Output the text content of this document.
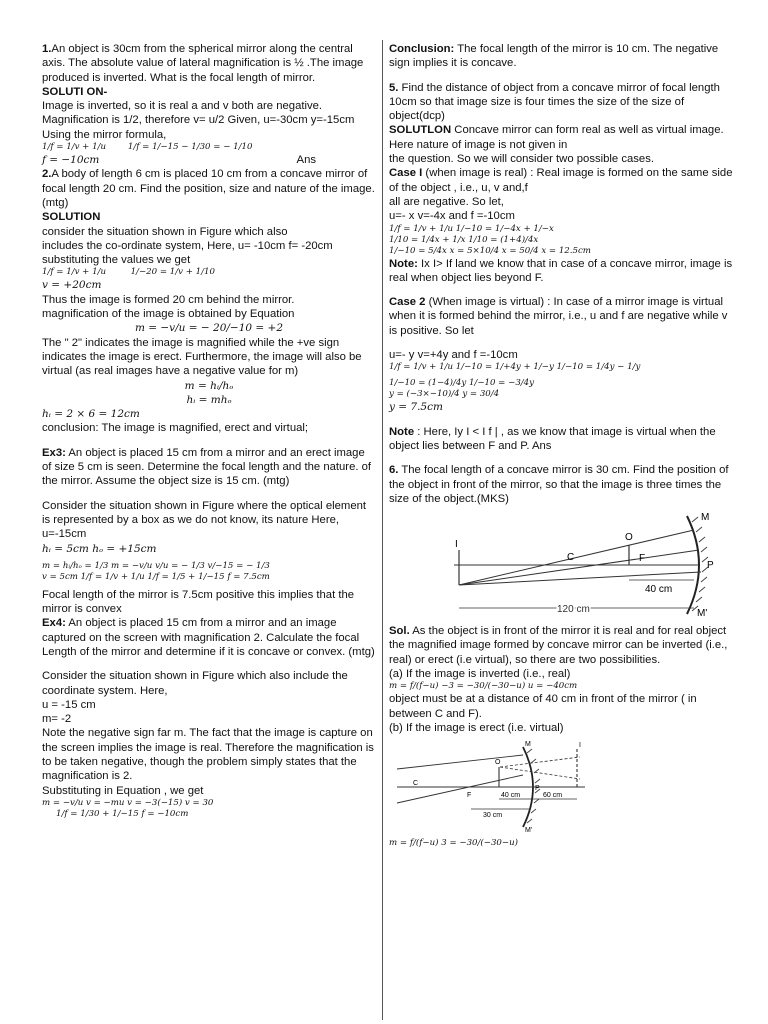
1.An object is 30cm from the spherical mirror along the central axis. The absolute value of lateral magnification is ½ .The image produced is inverted. What is the focal length of mirror.

SOLUTI ON-

Image is inverted, so it is real a and v both are negative.

Magnification is 1/2, therefore v= u/2 Given, u=-30cm y=-15cm

Using the mirror formula,

1/f = 1/v + 1/u	1/f = 1/−15 − 1/30 = − 1/10

f = −10cm	Ans

2.A body of length 6 cm is placed 10 cm from a concave mirror of focal length 20 cm. Find the position, size and nature of the image. (mtg)

SOLUTION

consider the situation shown in Figure which also

includes the co-ordinate system, Here, u= -10cm f= -20cm

substituting the values we get

1/f = 1/v + 1/u	1/−20 = 1/v + 1/10

v = +20cm

Thus the image is formed 20 cm behind the mirror.

magnification of the image is obtained by Equation

m = −v/u = − 20/−10 = +2

The " 2" indicates the image is magnified while the +ve sign indicates the image is erect. Furthermore, the image will also be virtual (as real images have a negative value for m)

m = hᵢ/hₒ

hᵢ = mhₒ

hᵢ = 2 × 6 = 12cm

conclusion: The image is magnified, erect and virtual;

Ex3: An object is placed 15 cm from a mirror and an erect image of size 5 cm is seen. Determine the focal length and the nature. of the mirror. Assume the object size is 15 cm. (mtg)

Consider the situation shown in Figure where the optical element is represented by a box as we do not know, its nature Here, u=-15cm

hᵢ = 5cm hₒ = +15cm

m = hᵢ/hₒ = 1/3 m = −v/u v/u = − 1/3 v/−15 = − 1/3

v = 5cm 1/f = 1/v + 1/u 1/f = 1/5 + 1/−15 f = 7.5cm

Focal length of the mirror is 7.5cm positive this implies that the mirror is convex

Ex4: An object is placed 15 cm from a mirror and an image captured on the screen with magnification 2. Calculate the focal Length of the mirror and determine if it is concave or convex. (mtg)

Consider the situation shown in Figure which also include the coordinate system. Here,

u = -15 cm

m= -2

Note the negative sign far m. The fact that the image is capture on the screen implies the image is real. Therefore the magnification is to be taken negative, though the problem simply states that the magnification is 2.

Substituting in Equation , we get

m = −v/u v = −mu v = −3(−15) v = 30

1/f = 1/30 + 1/−15 f = −10cm

Conclusion: The focal length of the mirror is 10 cm. The negative sign implies it is concave.

5. Find the distance of object from a concave mirror of focal length 10cm so that image size is four times the size of the size of object(dcp)

SOLUTLON Concave mirror can form real as well as virtual image. Here nature of image is not given in

the question. So we will consider two possible cases.

Case I (when image is real) : Real image is formed on the same side of the object , i.e., u, v and,f

all are negative. So let,

u=- x v=-4x and f =-10cm

1/f = 1/v + 1/u 1/−10 = 1/−4x + 1/−x

1/10 = 1/4x + 1/x 1/10 = (1+4)/4x

1/−10 = 5/4x x = 5×10/4 x = 50/4 x = 12.5cm

Note: Ix I> If land we know that in case of a concave mirror, image is real when object lies beyond F.

Case 2 (When image is virtual) : In case of a mirror image is virtual when it is formed behind the mirror, i.e., u and f are negative while v is positive. So let

u=- y v=+4y and f =-10cm

1/f = 1/v + 1/u 1/−10 = 1/+4y + 1/−y 1/−10 = 1/4y − 1/y

1/−10 = (1−4)/4y 1/−10 = −3/4y

y = (−3×−10)/4 y = 30/4

y = 7.5cm

Note : Here, Iy I < I f | , as we know that image is virtual when the object lies between F and P. Ans

6. The focal length of a concave mirror is 30 cm. Find the position of the object in front of the mirror, so that the image is three times the size of the object.(MKS)

M
O
I
C	F
P
M'
40 cm
120 cm

Sol. As the object is in front of the mirror it is real and for real object the magnified image formed by concave mirror can be inverted (i.e., real) or erect (i.e virtual), so there are two possibilities.

(a) If the image is inverted (i.e., real)

m = f/(f−u) −3 = −30/(−30−u) u = −40cm

object must be at a distance of 40 cm in front of the mirror ( in between C and F).

(b) If the image is erect (i.e. virtual)

M
O
C
F
I
P
M'
40 cm	60 cm
30 cm

m = f/(f−u) 3 = −30/(−30−u)
